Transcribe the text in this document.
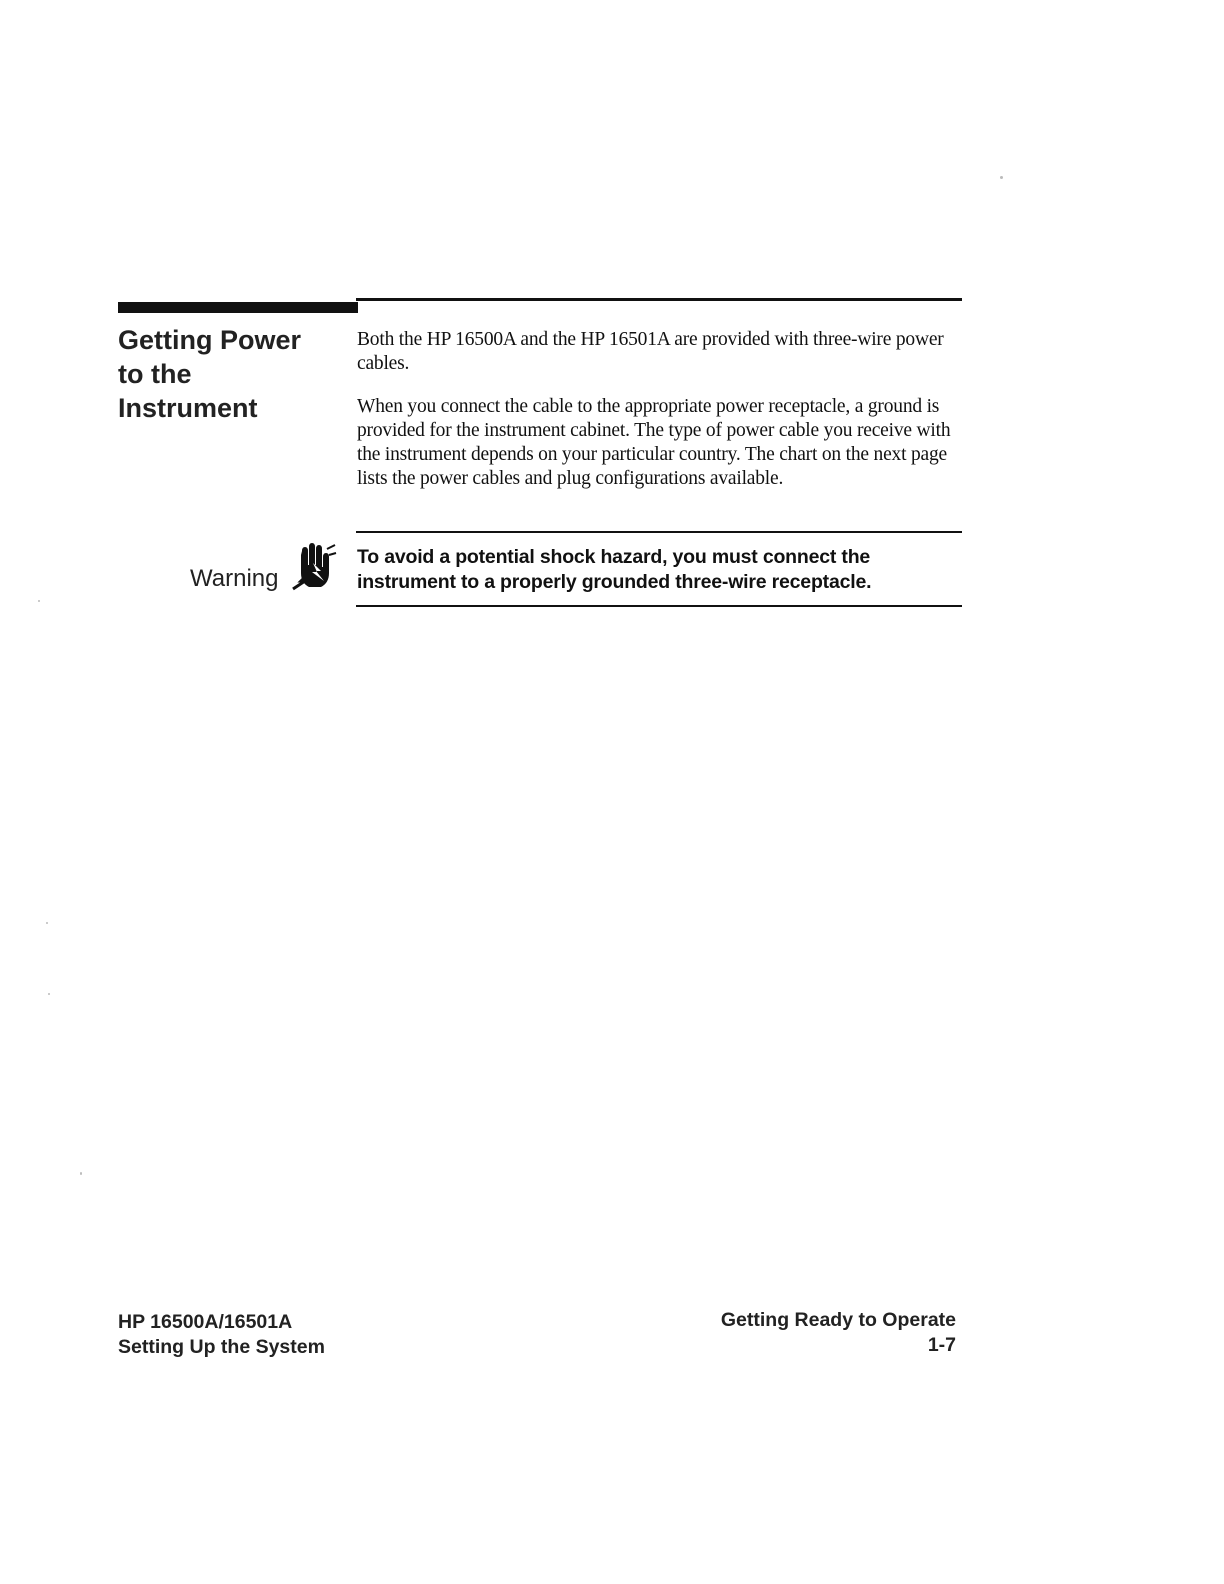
Getting Power
to the
Instrument

Both the HP 16500A and the HP 16501A are provided with three-wire power cables.

When you connect the cable to the appropriate power receptacle, a ground is provided for the instrument cabinet. The type of power cable you receive with the instrument depends on your particular country. The chart on the next page lists the power cables and plug configurations available.

Warning

To avoid a potential shock hazard, you must connect the instrument to a properly grounded three-wire receptacle.

HP 16500A/16501A
Setting Up the System
Getting Ready to Operate
1-7
